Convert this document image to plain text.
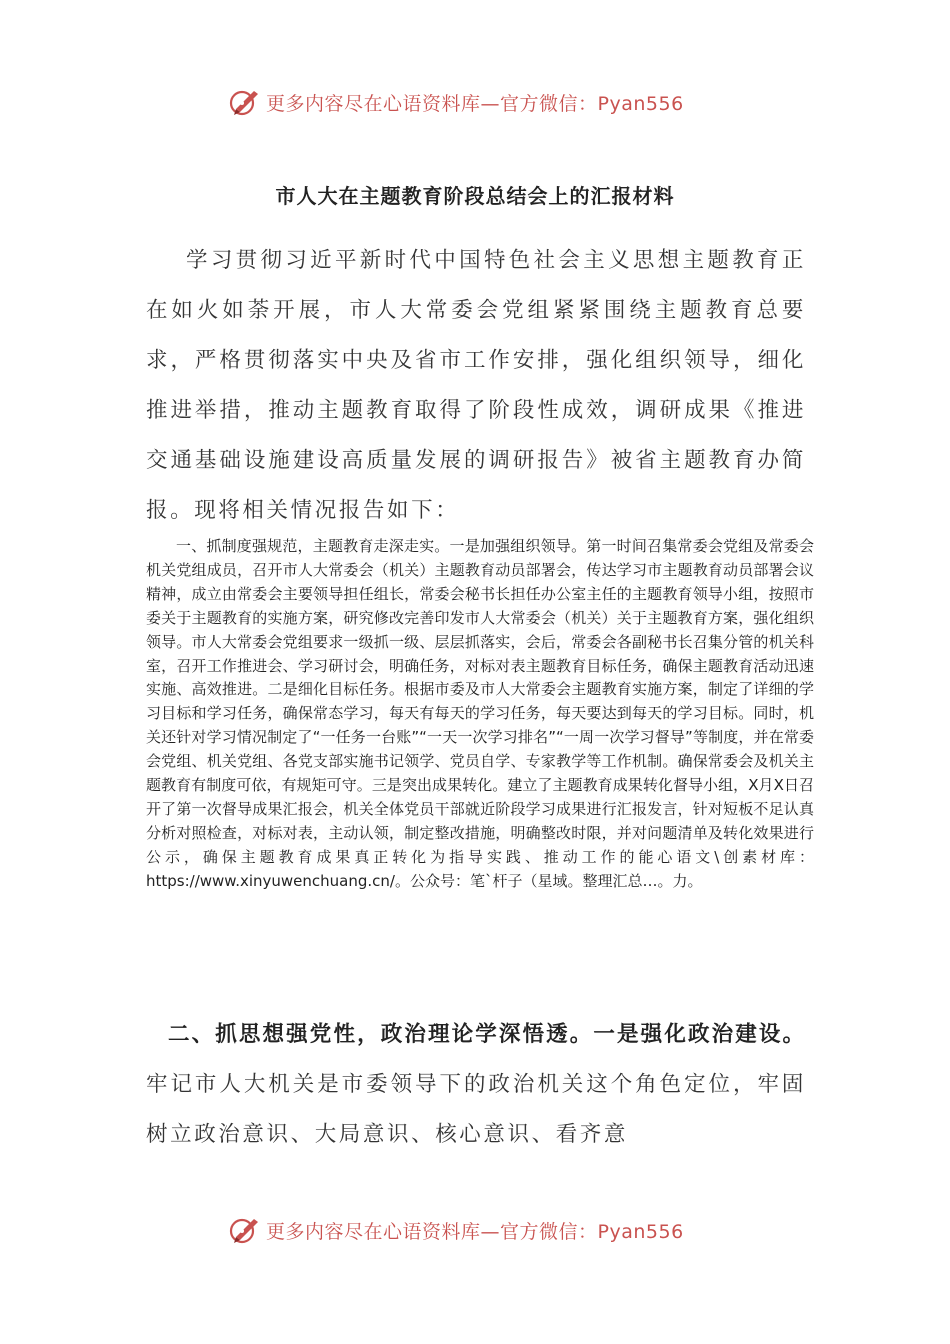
更多内容尽在心语资料库—官方微信：Pyan556
市人大在主题教育阶段总结会上的汇报材料

学习贯彻习近平新时代中国特色社会主义思想主题教育正在如火如荼开展，市人大常委会党组紧紧围绕主题教育总要求，严格贯彻落实中央及省市工作安排，强化组织领导，细化推进举措，推动主题教育取得了阶段性成效，调研成果《推进交通基础设施建设高质量发展的调研报告》被省主题教育办简报。现将相关情况报告如下：

一、抓制度强规范，主题教育走深走实。一是加强组织领导。第一时间召集常委会党组及常委会机关党组成员，召开市人大常委会（机关）主题教育动员部署会，传达学习市主题教育动员部署会议精神，成立由常委会主要领导担任组长，常委会秘书长担任办公室主任的主题教育领导小组，按照市委关于主题教育的实施方案，研究修改完善印发市人大常委会（机关）关于主题教育方案，强化组织领导。市人大常委会党组要求一级抓一级、层层抓落实，会后，常委会各副秘书长召集分管的机关科室，召开工作推进会、学习研讨会，明确任务，对标对表主题教育目标任务，确保主题教育活动迅速实施、高效推进。二是细化目标任务。根据市委及市人大常委会主题教育实施方案，制定了详细的学习目标和学习任务，确保常态学习，每天有每天的学习任务，每天要达到每天的学习目标。同时，机关还针对学习情况制定了“一任务一台账”“一天一次学习排名”“一周一次学习督导”等制度，并在常委会党组、机关党组、各党支部实施书记领学、党员自学、专家教学等工作机制。确保常委会及机关主题教育有制度可依，有规矩可守。三是突出成果转化。建立了主题教育成果转化督导小组，X月X日召开了第一次督导成果汇报会，机关全体党员干部就近阶段学习成果进行汇报发言，针对短板不足认真分析对照检查，对标对表，主动认领，制定整改措施，明确整改时限，并对问题清单及转化效果进行公示，确保主题教育成果真正转化为指导实践、推动工作的能心语文\创素材库：https://www.xinyuwenchuang.cn/。公众号：笔`杆子（星域。整理汇总…。力。

二、抓思想强党性，政治理论学深悟透。一是强化政治建设。牢记市人大机关是市委领导下的政治机关这个角色定位，牢固树立政治意识、大局意识、核心意识、看齐意

更多内容尽在心语资料库—官方微信：Pyan556
